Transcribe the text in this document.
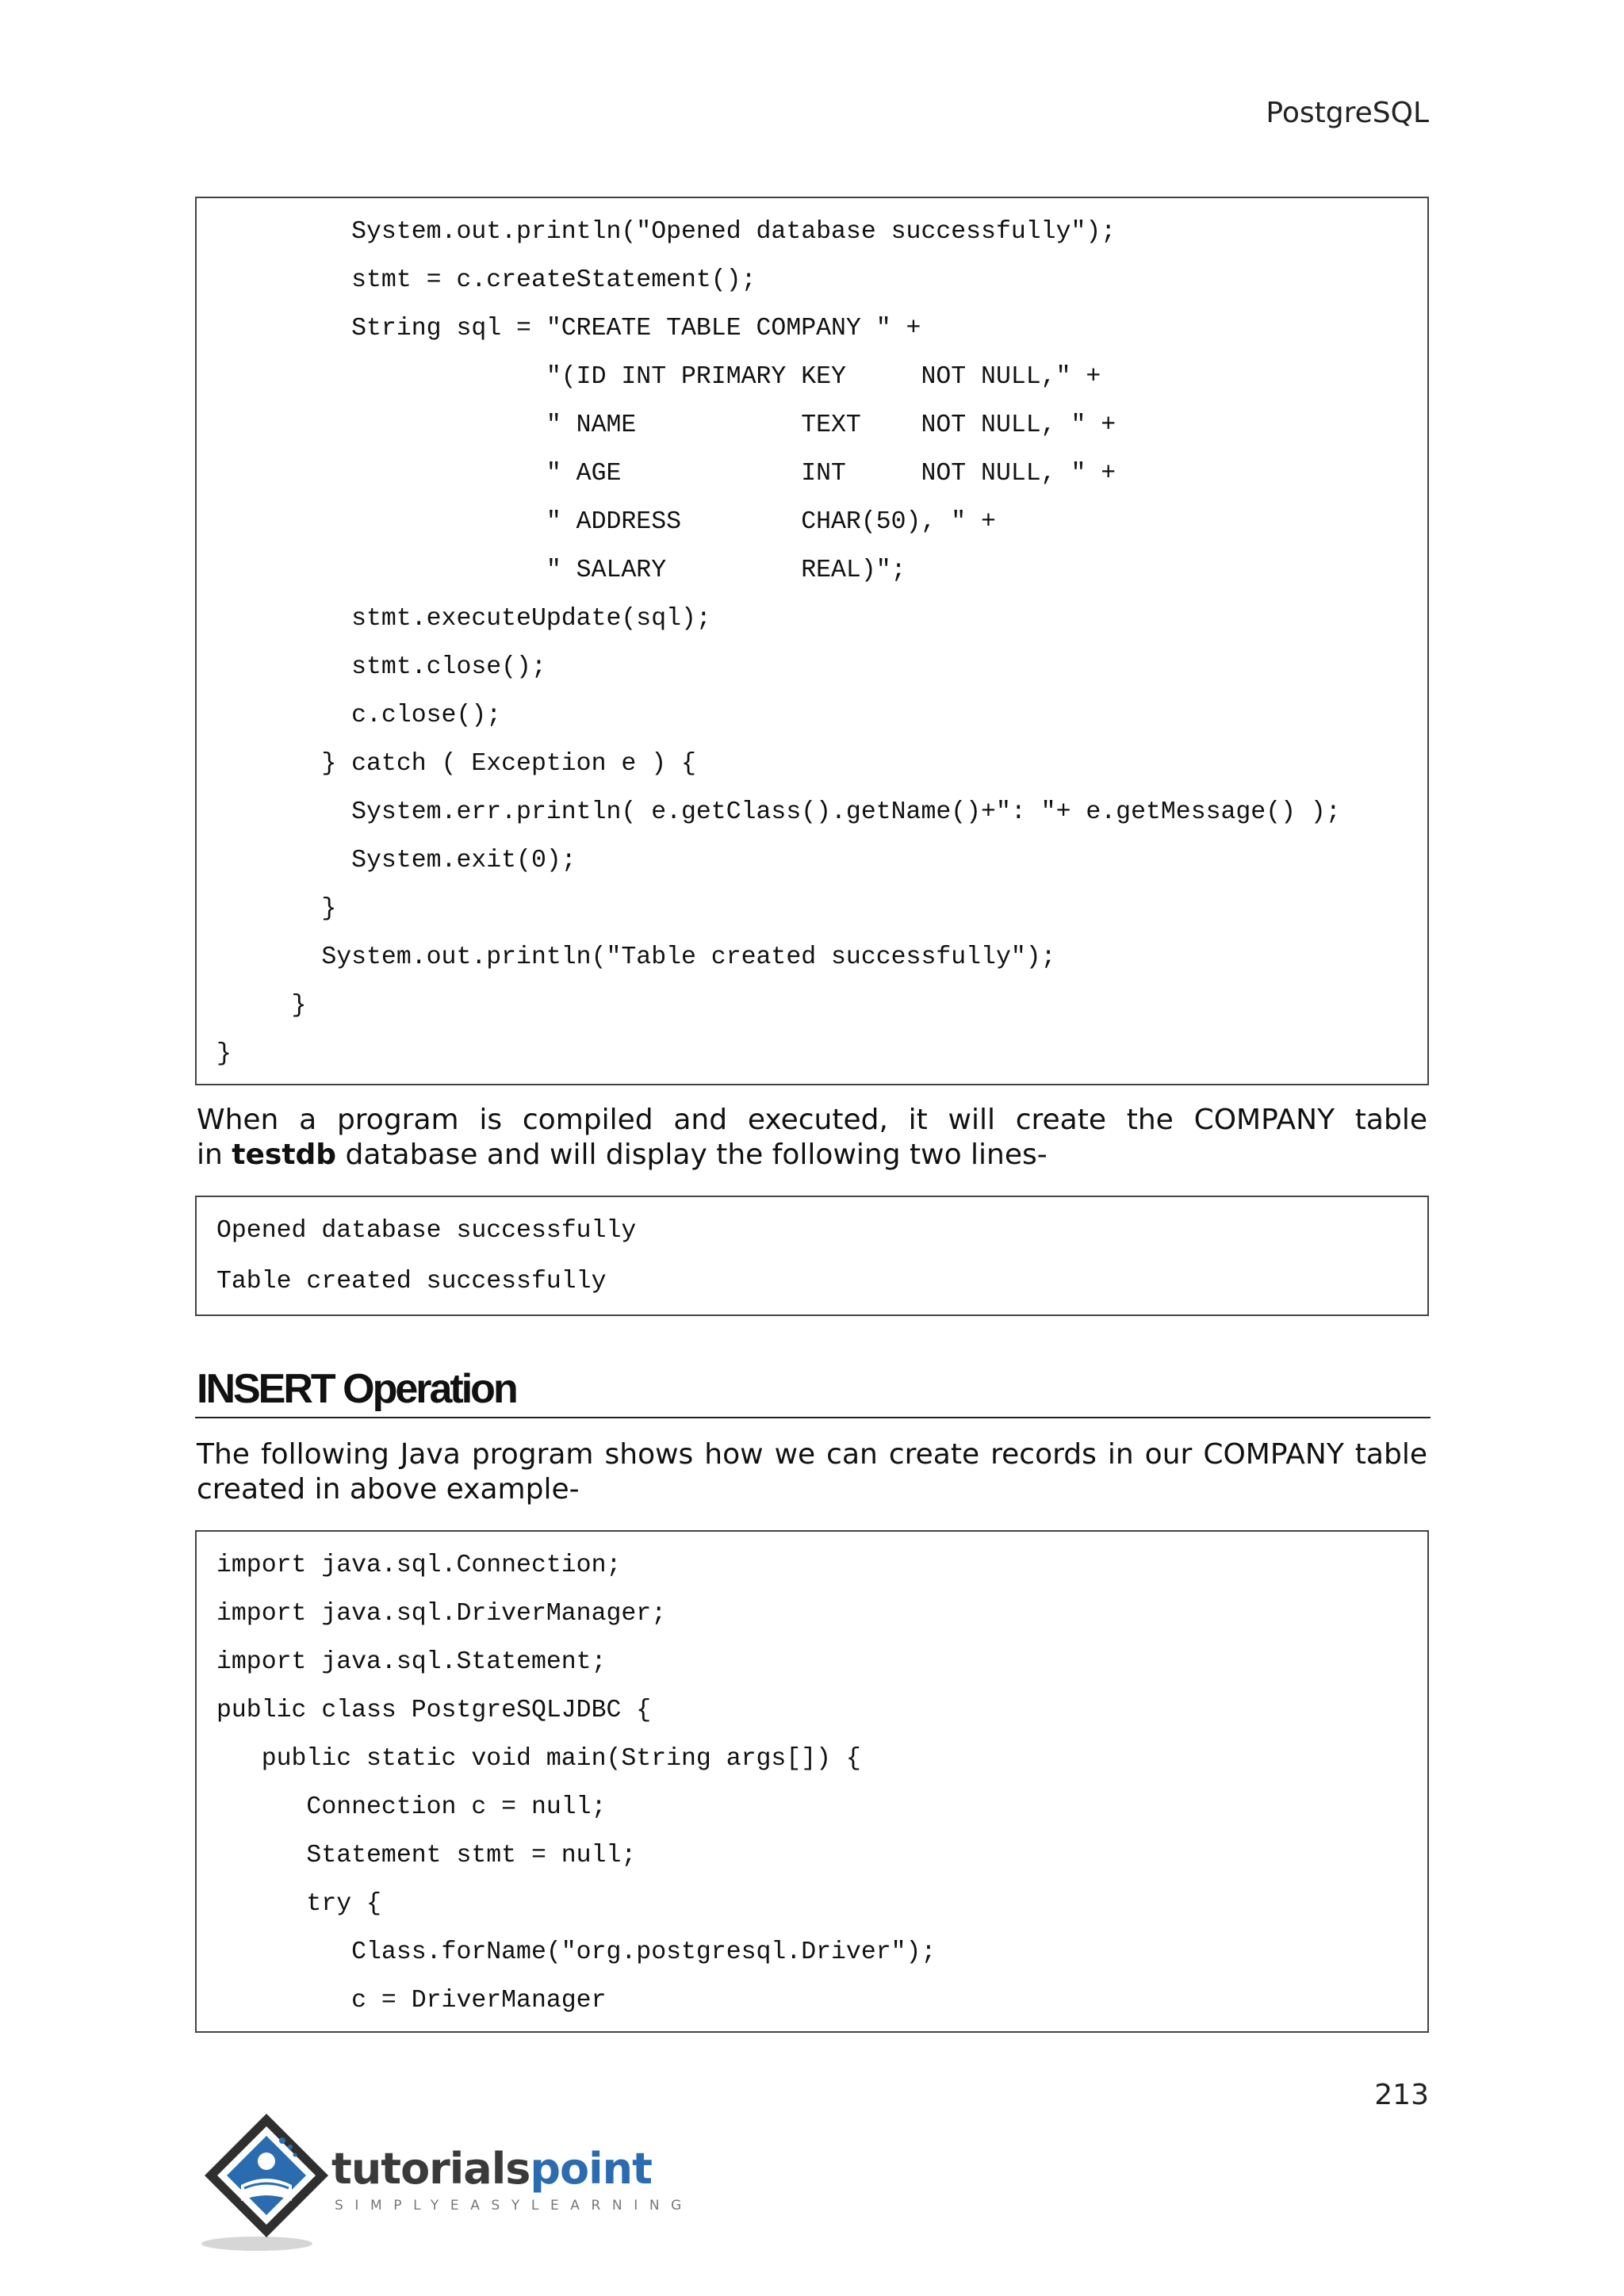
PostgreSQL
System.out.println("Opened database successfully");
stmt = c.createStatement();
String sql = "CREATE TABLE COMPANY " +
"(ID INT PRIMARY KEY     NOT NULL," +
" NAME           TEXT    NOT NULL, " +
" AGE            INT     NOT NULL, " +
" ADDRESS        CHAR(50), " +
" SALARY         REAL)";
stmt.executeUpdate(sql);
stmt.close();
c.close();
} catch ( Exception e ) {
System.err.println( e.getClass().getName()+": "+ e.getMessage() );
System.exit(0);
}
System.out.println("Table created successfully");
}
}
When a program is compiled and executed, it will create the COMPANY table
in testdb database and will display the following two lines-
Opened database successfully
Table created successfully
INSERT Operation
The following Java program shows how we can create records in our COMPANY table
created in above example-
import java.sql.Connection;
import java.sql.DriverManager;
import java.sql.Statement;
public class PostgreSQLJDBC {
public static void main(String args[]) {
Connection c = null;
Statement stmt = null;
try {
Class.forName("org.postgresql.Driver");
c = DriverManager
213
tutorialspoint
SIMPLYEASYLEARNING
